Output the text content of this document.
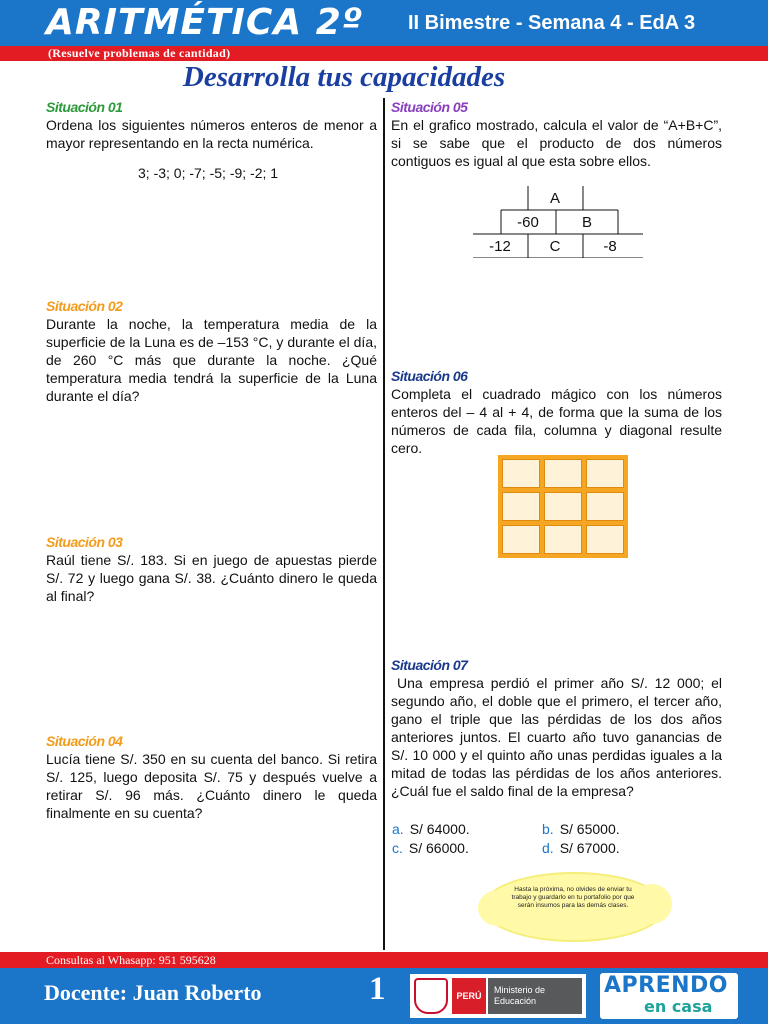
ARITMÉTICA 2º II Bimestre - Semana 4 - EdA 3
(Resuelve problemas de cantidad)
Desarrolla tus capacidades
Situación 01
Ordena los siguientes números enteros de menor a mayor representando en la recta numérica.
3; -3; 0; -7; -5; -9; -2; 1
Situación 02
Durante la noche, la temperatura media de la superficie de la Luna es de –153 °C, y durante el día, de 260 °C más que durante la noche. ¿Qué temperatura media tendrá la superficie de la Luna durante el día?
Situación 03
Raúl tiene S/. 183. Si en juego de apuestas pierde S/. 72 y luego gana S/. 38. ¿Cuánto dinero le queda al final?
Situación 04
Lucía tiene S/. 350 en su cuenta del banco. Si retira S/. 125, luego deposita S/. 75 y después vuelve a retirar S/. 96 más. ¿Cuánto dinero le queda finalmente en su cuenta?
Situación 05
En el grafico mostrado, calcula el valor de “A+B+C”, si se sabe que el producto de dos números contiguos es igual al que esta sobre ellos.
A
-60	B
-12	C	-8
Situación 06
Completa el cuadrado mágico con los números enteros del – 4 al + 4, de forma que la suma de los números de cada fila, columna y diagonal resulte cero.
Situación 07
Una empresa perdió el primer año S/. 12 000; el segundo año, el doble que el primero, el tercer año, gano el triple que las pérdidas de los dos años anteriores juntos. El cuarto año tuvo ganancias de S/. 10 000 y el quinto año unas perdidas iguales a la mitad de todas las pérdidas de los años anteriores. ¿Cuál fue el saldo final de la empresa?
a. S/ 64000.	b. S/ 65000.
c. S/ 66000.	d. S/ 67000.
Hasta la próxima, no olvides de enviar tu trabajo y guardarlo en tu portafolio por que serán insumos para las demás clases.
Consultas al Whasapp: 951 595628
Docente: Juan Roberto	1	PERÚ
Ministerio de Educación
APRENDO
en casa
